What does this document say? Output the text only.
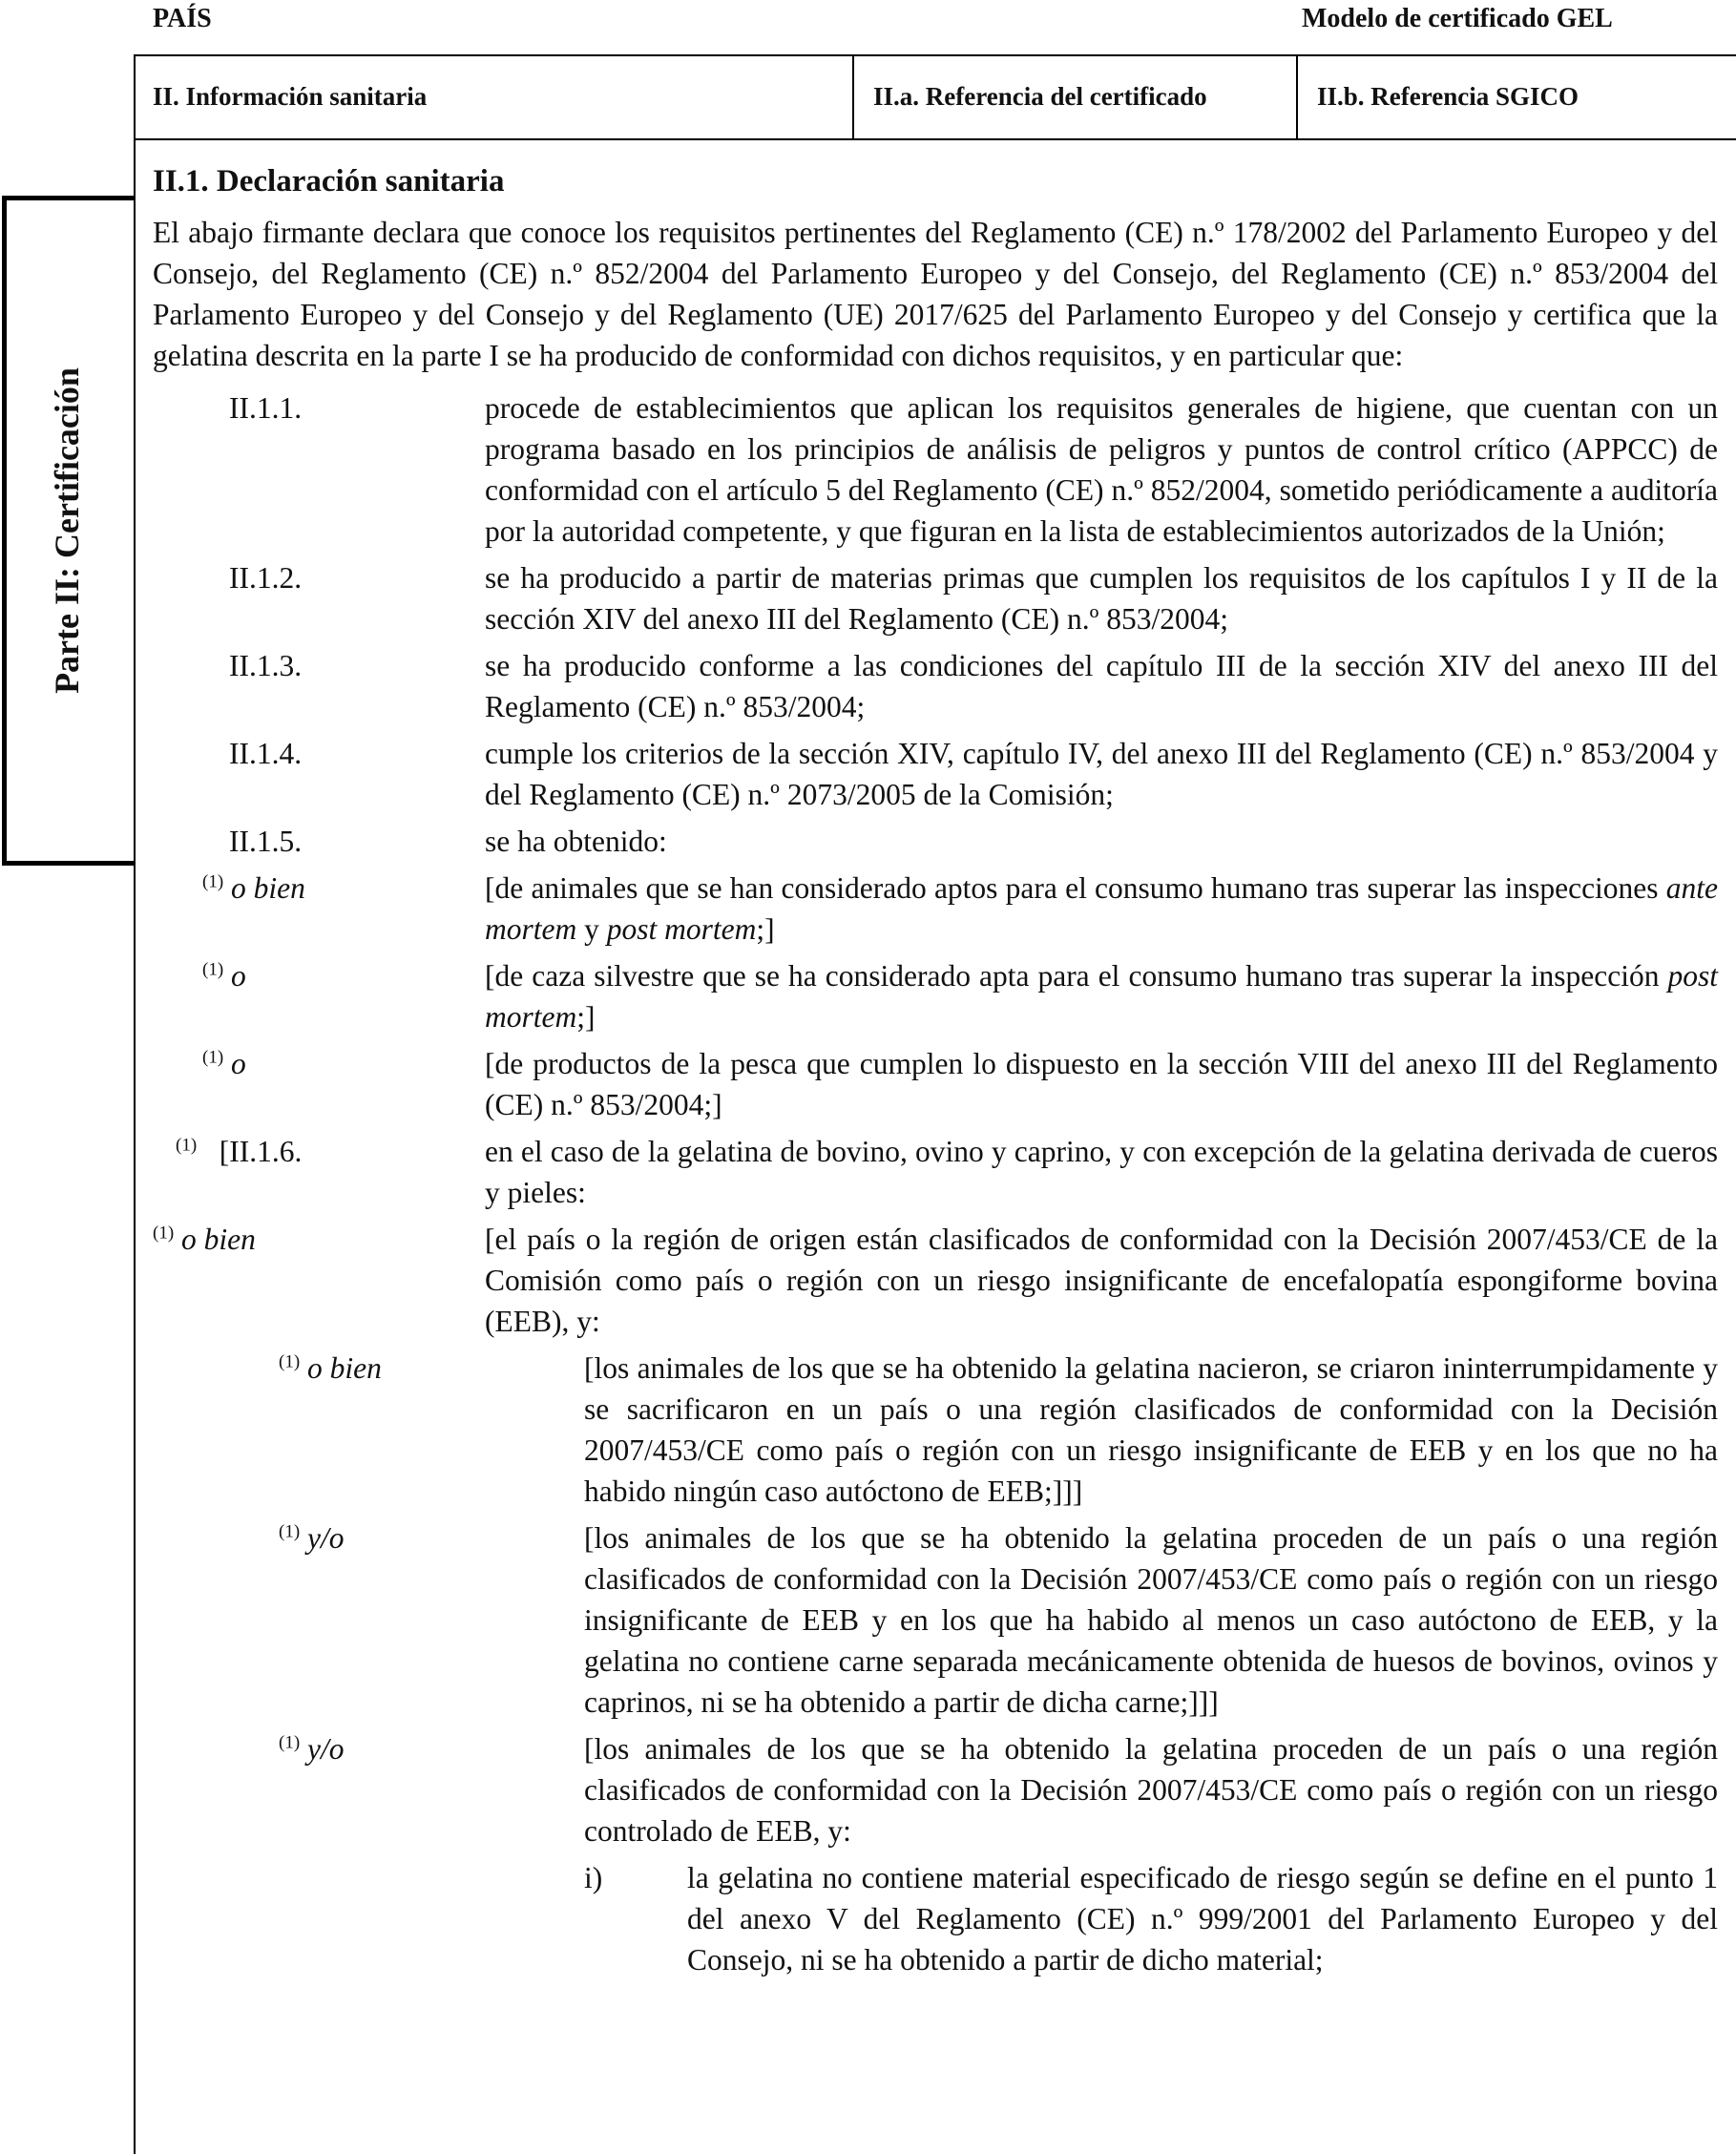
PAÍS	Modelo de certificado GEL
II. Información sanitaria	II.a. Referencia del certificado	II.b. Referencia SGICO
Parte II: Certificación
II.1. Declaración sanitaria
El abajo firmante declara que conoce los requisitos pertinentes del Reglamento (CE) n.º 178/2002 del Parlamento Europeo y del Consejo, del Reglamento (CE) n.º 852/2004 del Parlamento Europeo y del Consejo, del Reglamento (CE) n.º 853/2004 del Parlamento Europeo y del Consejo y del Reglamento (UE) 2017/625 del Parlamento Europeo y del Consejo y certifica que la gelatina descrita en la parte I se ha producido de conformidad con dichos requisitos, y en particular que:
II.1.1.	procede de establecimientos que aplican los requisitos generales de higiene, que cuentan con un programa basado en los principios de análisis de peligros y puntos de control crítico (APPCC) de conformidad con el artículo 5 del Reglamento (CE) n.º 852/2004, sometido periódicamente a auditoría por la autoridad competente, y que figuran en la lista de establecimientos autorizados de la Unión;
II.1.2.	se ha producido a partir de materias primas que cumplen los requisitos de los capítulos I y II de la sección XIV del anexo III del Reglamento (CE) n.º 853/2004;
II.1.3.	se ha producido conforme a las condiciones del capítulo III de la sección XIV del anexo III del Reglamento (CE) n.º 853/2004;
II.1.4.	cumple los criterios de la sección XIV, capítulo IV, del anexo III del Reglamento (CE) n.º 853/2004 y del Reglamento (CE) n.º 2073/2005 de la Comisión;
II.1.5.	se ha obtenido:
$^{(1)}$ o bien	[de animales que se han considerado aptos para el consumo humano tras superar las inspecciones ante mortem y post mortem;]
$^{(1)}$ o	[de caza silvestre que se ha considerado apta para el consumo humano tras superar la inspección post mortem;]
$^{(1)}$ o	[de productos de la pesca que cumplen lo dispuesto en la sección VIII del anexo III del Reglamento (CE) n.º 853/2004;]
$^{(1)}$ [II.1.6.	en el caso de la gelatina de bovino, ovino y caprino, y con excepción de la gelatina derivada de cueros y pieles:
$^{(1)}$ o bien	[el país o la región de origen están clasificados de conformidad con la Decisión 2007/453/CE de la Comisión como país o región con un riesgo insignificante de encefalopatía espongiforme bovina (EEB), y:
$^{(1)}$ o bien	[los animales de los que se ha obtenido la gelatina nacieron, se criaron ininterrumpidamente y se sacrificaron en un país o una región clasificados de conformidad con la Decisión 2007/453/CE como país o región con un riesgo insignificante de EEB y en los que no ha habido ningún caso autóctono de EEB;]]]
$^{(1)}$ y/o	[los animales de los que se ha obtenido la gelatina proceden de un país o una región clasificados de conformidad con la Decisión 2007/453/CE como país o región con un riesgo insignificante de EEB y en los que ha habido al menos un caso autóctono de EEB, y la gelatina no contiene carne separada mecánicamente obtenida de huesos de bovinos, ovinos y caprinos, ni se ha obtenido a partir de dicha carne;]]]
$^{(1)}$ y/o	[los animales de los que se ha obtenido la gelatina proceden de un país o una región clasificados de conformidad con la Decisión 2007/453/CE como país o región con un riesgo controlado de EEB, y:
i)	la gelatina no contiene material especificado de riesgo según se define en el punto 1 del anexo V del Reglamento (CE) n.º 999/2001 del Parlamento Europeo y del Consejo, ni se ha obtenido a partir de dicho material;
